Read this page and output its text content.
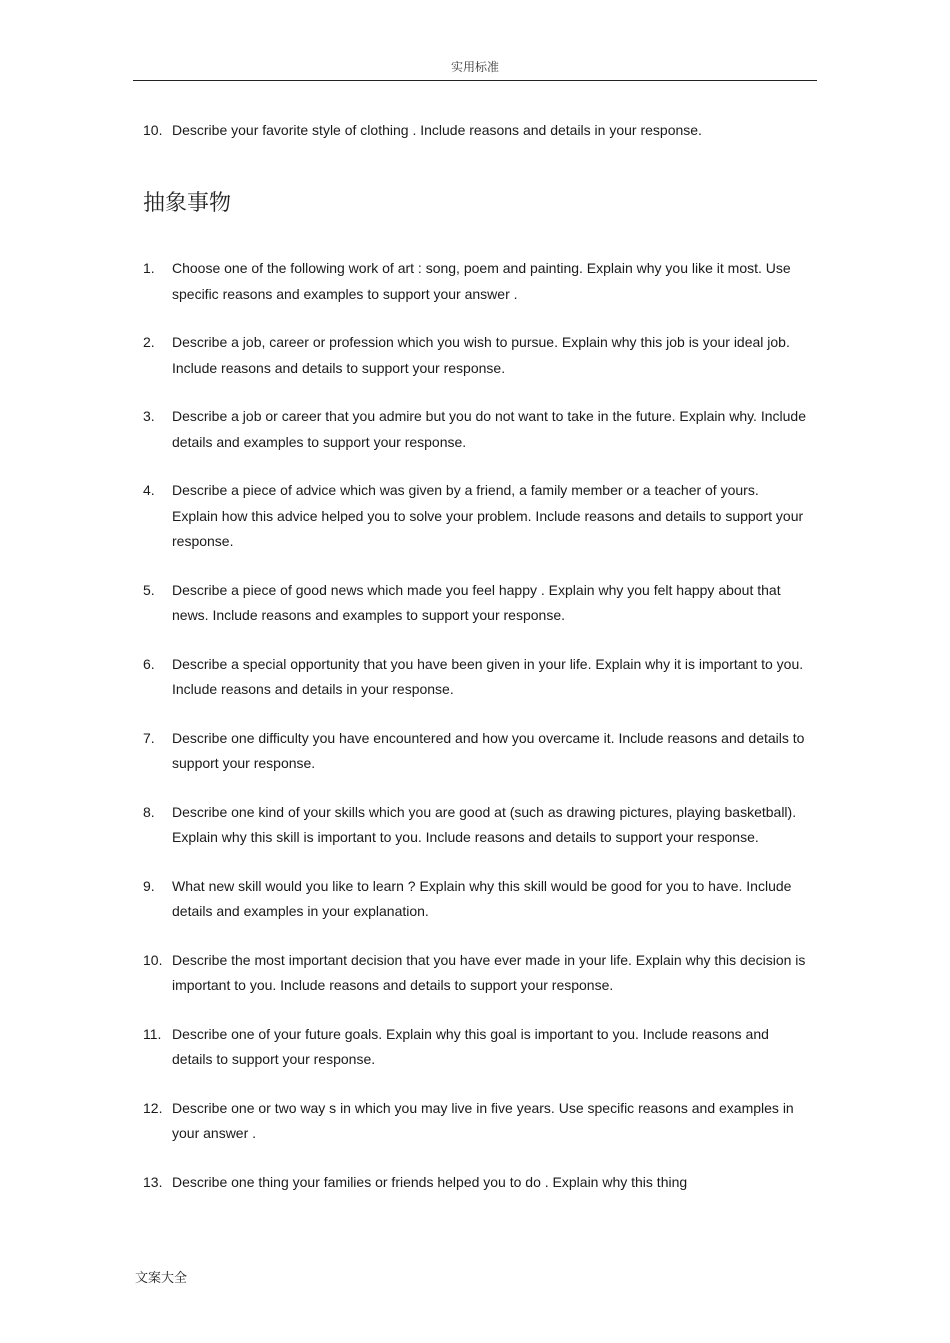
实用标准
10. Describe your favorite style of clothing . Include reasons and details in your response.
抽象事物
1. Choose one of the following work of art : song, poem and painting. Explain why you like it most. Use specific reasons and examples to support your answer .
2. Describe a job, career or profession which you wish to pursue. Explain why this job is your ideal job. Include reasons and details to support your response.
3. Describe a job or career that you admire but you do not want to take in the future. Explain why. Include details and examples to support your response.
4. Describe a piece of advice which was given by a friend, a family member or a teacher of yours. Explain how this advice helped you to solve your problem. Include reasons and details to support your response.
5. Describe a piece of good news which made you feel happy . Explain why you felt happy about that news. Include reasons and examples to support your response.
6. Describe a special opportunity that you have been given in your life. Explain why it is important to you. Include reasons and details in your response.
7. Describe one difficulty you have encountered and how you overcame it. Include reasons and details to support your response.
8. Describe one kind of your skills which you are good at (such as drawing pictures, playing basketball). Explain why this skill is important to you. Include reasons and details to support your response.
9. What new skill would you like to learn ? Explain why this skill would be good for you to have. Include details and examples in your explanation.
10. Describe the most important decision that you have ever made in your life. Explain why this decision is important to you. Include reasons and details to support your response.
11. Describe one of your future goals. Explain why this goal is important to you. Include reasons and details to support your response.
12. Describe one or two way s in which you may live in five years. Use specific reasons and examples in your answer .
13. Describe one thing your families or friends helped you to do . Explain why this thing
文案大全
